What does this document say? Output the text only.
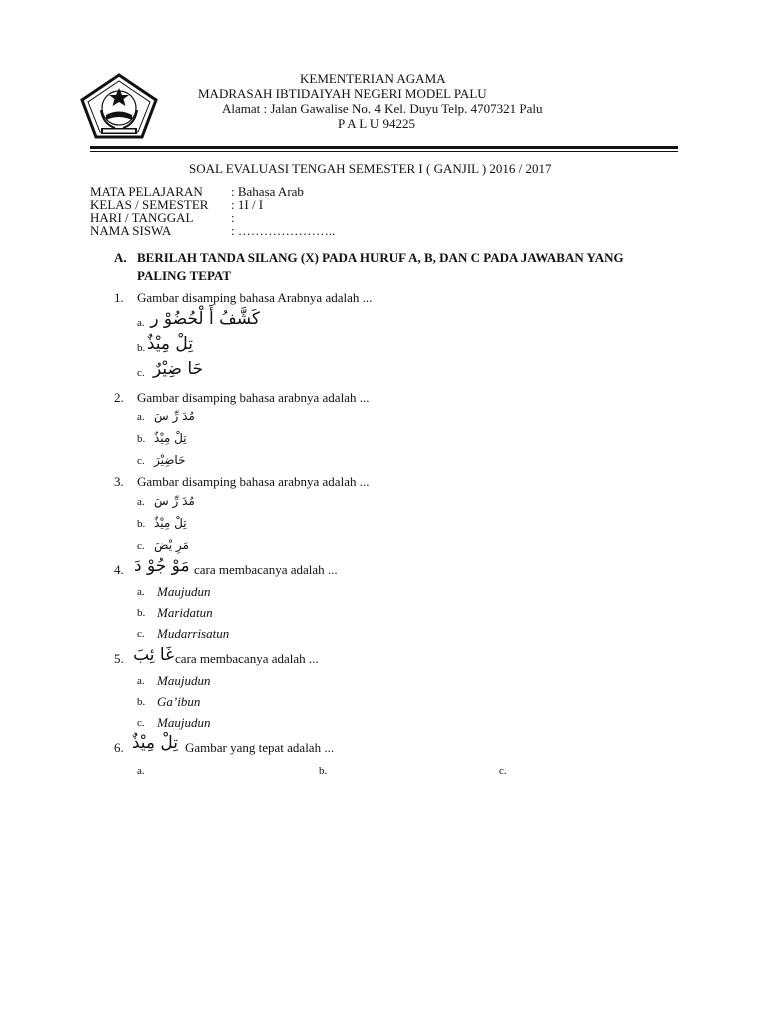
KEMENTERIAN AGAMA
MADRASAH IBTIDAIYAH NEGERI MODEL PALU
Alamat : Jalan Gawalise No. 4 Kel. Duyu Telp. 4707321 Palu
P A L U 94225
SOAL EVALUASI TENGAH SEMESTER I ( GANJIL ) 2016 / 2017
MATA PELAJARAN : Bahasa Arab
KELAS / SEMESTER : 1I / I
HARI / TANGGAL	:
NAMA SISWA	: …………………..
A. BERILAH TANDA SILANG (X) PADA HURUF A, B, DAN C PADA JAWABAN YANG
PALING TEPAT
1. Gambar disamping bahasa Arabnya adalah ...
a. كَشَّفُ أَ لْحُضُوْ ر
b. تِلْ مِيْذٌ
c. حَا ضِيْرٌ
2. Gambar disamping bahasa arabnya adalah ...
a. مُدَ رِّ سَ
b. تِلْ مِيْذٌ
c. حَاضِيْرَ
3. Gambar disamping bahasa arabnya adalah ...
a. مُدَ رِّ سَ
b. تِلْ مِيْذٌ
c. مَرِ يْضَ
4. مَوْ جُوْ دَ cara membacanya adalah ...
a. Maujudun
b. Maridatun
c. Mudarrisatun
5. غَا ئِبَ cara membacanya adalah ...
a. Maujudun
b. Ga’ibun
c. Maujudun
6. تِلْ مِيْذٌ Gambar yang tepat adalah ...
a.	b.	c.
